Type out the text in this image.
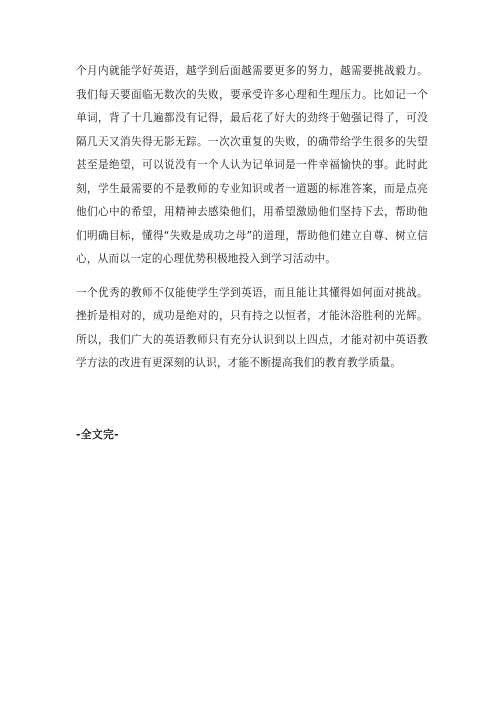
个月内就能学好英语，越学到后面越需要更多的努力，越需要挑战毅力。我们每天要面临无数次的失败，要承受许多心理和生理压力。比如记一个单词，背了十几遍都没有记得，最后花了好大的劲终于勉强记得了，可没隔几天又消失得无影无踪。一次次重复的失败，的确带给学生很多的失望甚至是绝望，可以说没有一个人认为记单词是一件幸福愉快的事。此时此刻，学生最需要的不是教师的专业知识或者一道题的标准答案，而是点亮他们心中的希望，用精神去感染他们，用希望激励他们坚持下去，帮助他们明确目标，懂得“失败是成功之母”的道理，帮助他们建立自尊、树立信心，从而以一定的心理优势积极地投入到学习活动中。

一个优秀的教师不仅能使学生学到英语，而且能让其懂得如何面对挑战。挫折是相对的，成功是绝对的，只有持之以恒者，才能沐浴胜利的光辉。所以，我们广大的英语教师只有充分认识到以上四点，才能对初中英语教学方法的改进有更深刻的认识，才能不断提高我们的教育教学质量。

-全文完-
